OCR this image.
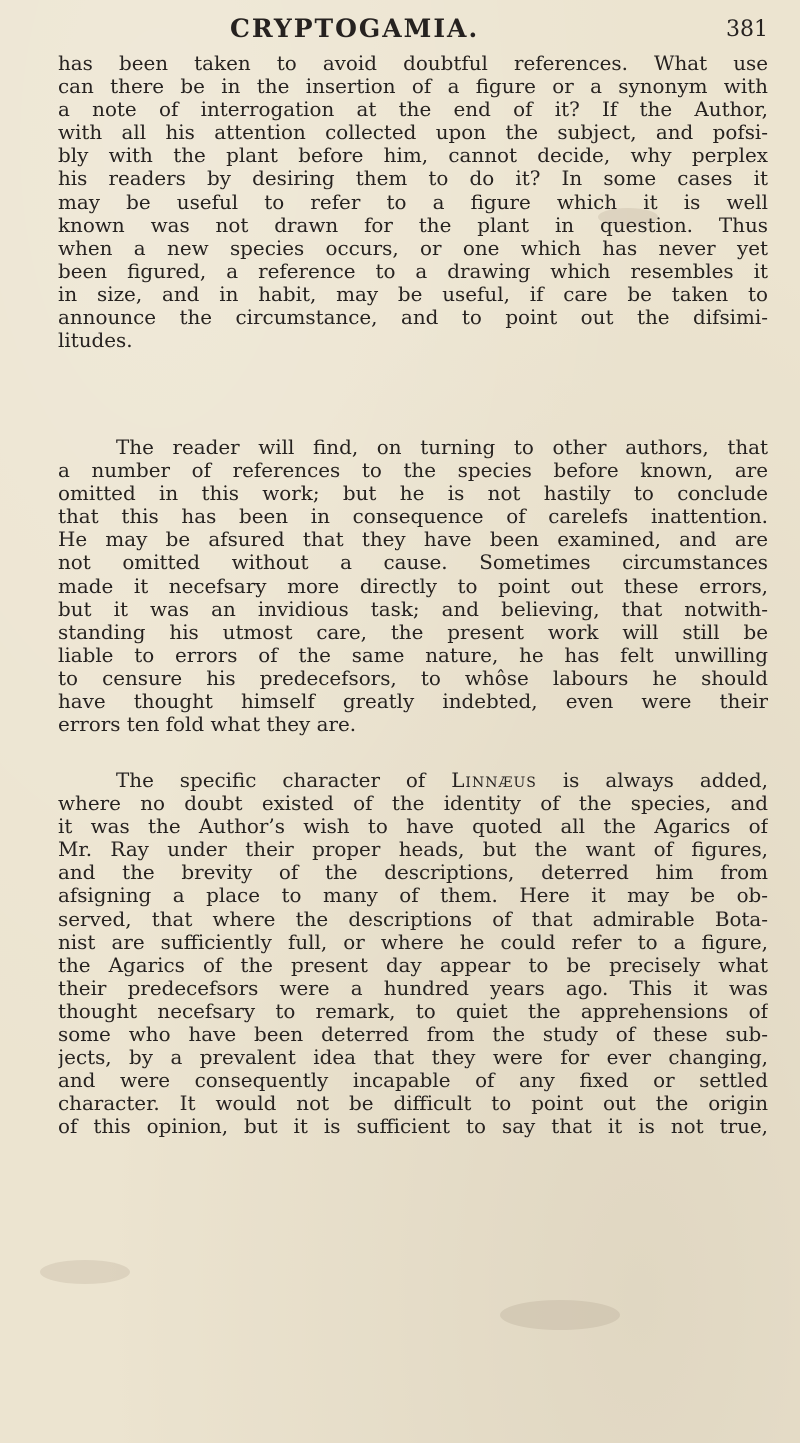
CRYPTOGAMIA.	381
has been taken to avoid doubtful references. What use
can there be in the insertion of a figure or a synonym with
a note of interrogation at the end of it? If the Author,
with all his attention collected upon the subject, and pofsi-
bly with the plant before him, cannot decide, why perplex
his readers by desiring them to do it? In some cases it
may be useful to refer to a figure which it is well
known was not drawn for the plant in question. Thus
when a new species occurs, or one which has never yet
been figured, a reference to a drawing which resembles it
in size, and in habit, may be useful, if care be taken to
announce the circumstance, and to point out the difsimi-
litudes.
The reader will find, on turning to other authors, that
a number of references to the species before known, are
omitted in this work; but he is not hastily to conclude
that this has been in consequence of carelefs inattention.
He may be afsured that they have been examined, and are
not omitted without a cause. Sometimes circumstances
made it necefsary more directly to point out these errors,
but it was an invidious task; and believing, that notwith-
standing his utmost care, the present work will still be
liable to errors of the same nature, he has felt unwilling
to censure his predecefsors, to whôse labours he should
have thought himself greatly indebted, even were their
errors ten fold what they are.
The specific character of Linnæus is always added,
where no doubt existed of the identity of the species, and
it was the Author’s wish to have quoted all the Agarics of
Mr. Ray under their proper heads, but the want of figures,
and the brevity of the descriptions, deterred him from
afsigning a place to many of them. Here it may be ob-
served, that where the descriptions of that admirable Bota-
nist are sufficiently full, or where he could refer to a figure,
the Agarics of the present day appear to be precisely what
their predecefsors were a hundred years ago. This it was
thought necefsary to remark, to quiet the apprehensions of
some who have been deterred from the study of these sub-
jects, by a prevalent idea that they were for ever changing,
and were consequently incapable of any fixed or settled
character. It would not be difficult to point out the origin
of this opinion, but it is sufficient to say that it is not true,
